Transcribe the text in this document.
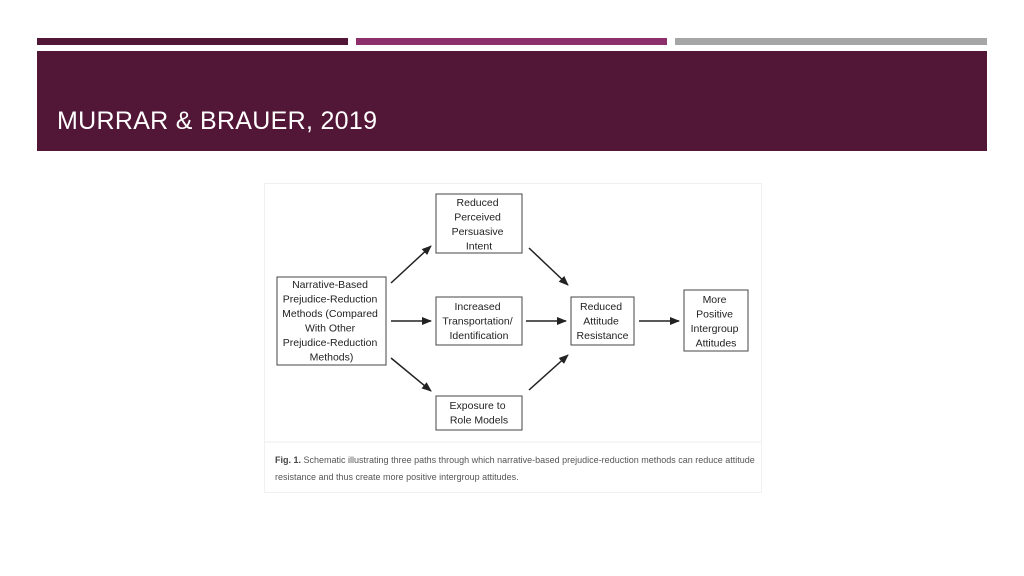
MURRAR & BRAUER, 2019
Narrative-Based Prejudice-Reduction Methods (Compared With Other Prejudice-Reduction Methods)
Reduced Perceived Persuasive Intent
Increased Transportation/ Identification
Exposure to Role Models
Reduced Attitude Resistance
More Positive Intergroup Attitudes
Fig. 1. Schematic illustrating three paths through which narrative-based prejudice-reduction methods can reduce attitude resistance and thus create more positive intergroup attitudes.
